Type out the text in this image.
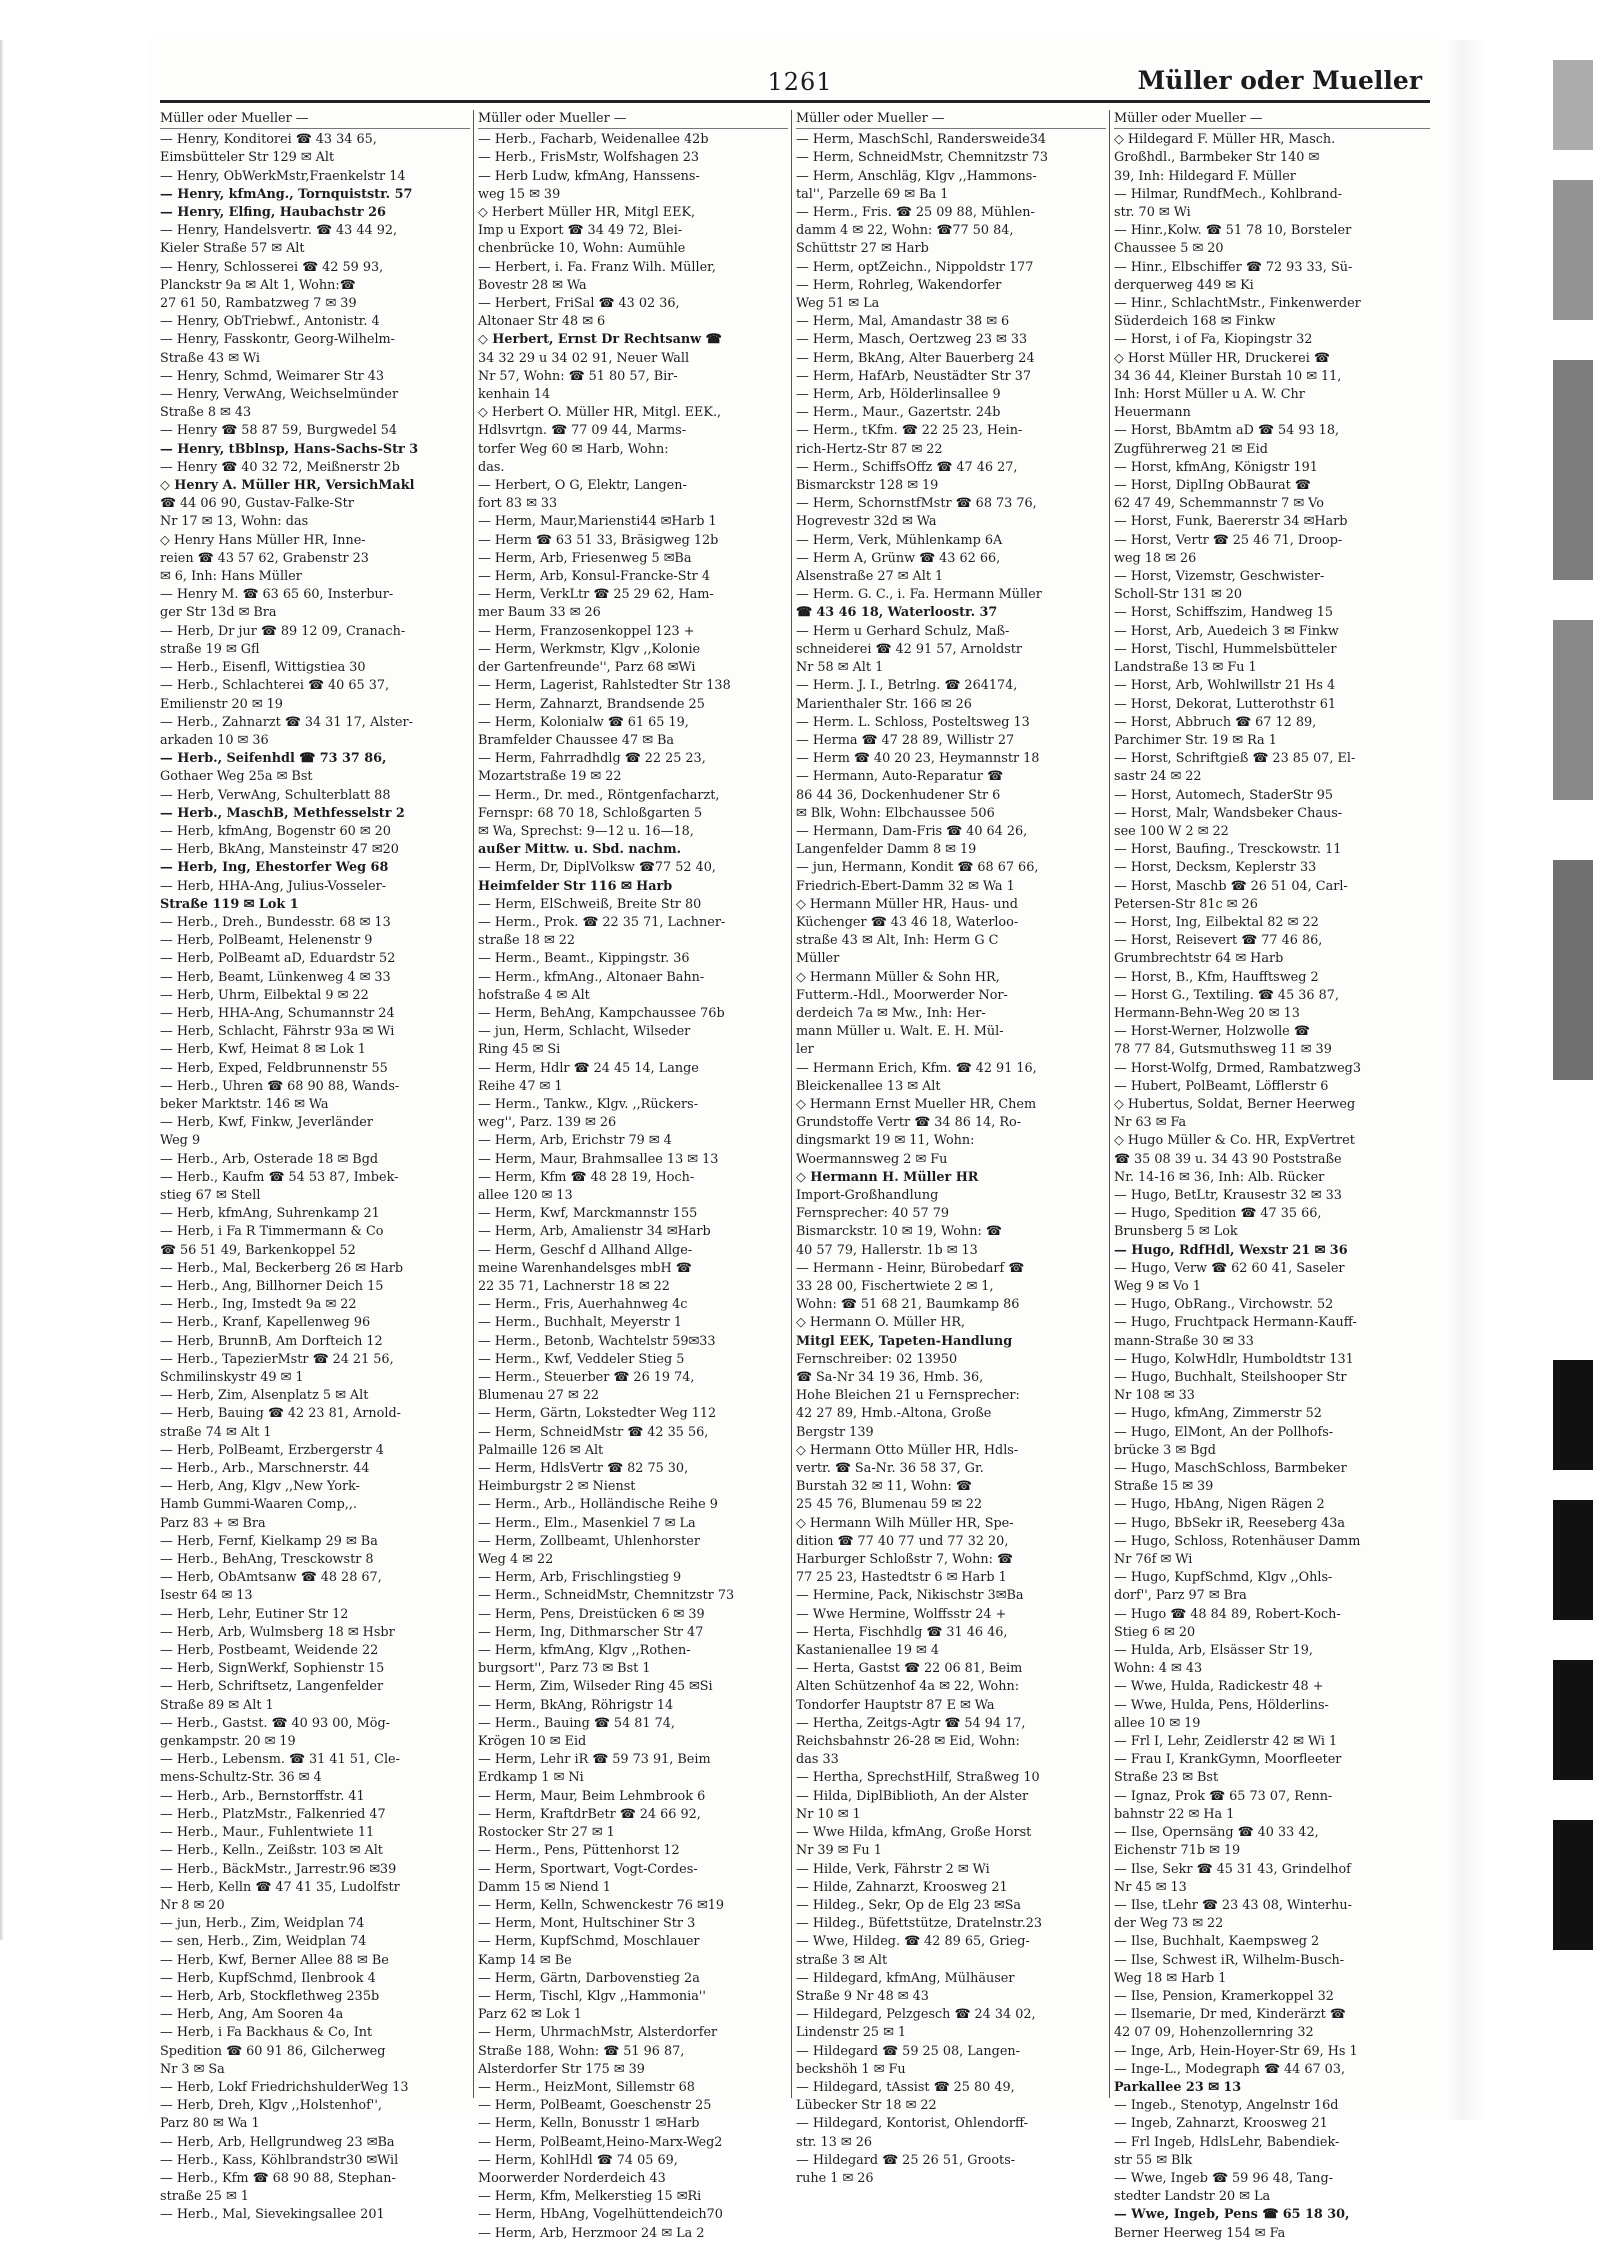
1261	Müller oder Mueller
Müller oder Mueller —
— Henry, Konditorei ☎ 43 34 65,
Eimsbütteler Str 129 ✉ Alt
— Henry, ObWerkMstr,Fraenkelstr 14
— Henry, kfmAng., Tornquiststr. 57
— Henry, Elfing, Haubachstr 26
— Henry, Handelsvertr. ☎ 43 44 92,
Kieler Straße 57 ✉ Alt
— Henry, Schlosserei ☎ 42 59 93,
Planckstr 9a ✉ Alt 1, Wohn:☎
27 61 50, Rambatzweg 7 ✉ 39
— Henry, ObTriebwf., Antonistr. 4
— Henry, Fasskontr, Georg-Wilhelm-
Straße 43 ✉ Wi
— Henry, Schmd, Weimarer Str 43
— Henry, VerwAng, Weichselmünder
Straße 8 ✉ 43
— Henry ☎ 58 87 59, Burgwedel 54
— Henry, tBblnsp, Hans-Sachs-Str 3
— Henry ☎ 40 32 72, Meißnerstr 2b
◇ Henry A. Müller HR, VersichMakl
☎ 44 06 90, Gustav-Falke-Str
Nr 17 ✉ 13, Wohn: das
◇ Henry Hans Müller HR, Inne-
reien ☎ 43 57 62, Grabenstr 23
✉ 6, Inh: Hans Müller
— Henry M. ☎ 63 65 60, Insterbur-
ger Str 13d ✉ Bra
— Herb, Dr jur ☎ 89 12 09, Cranach-
straße 19 ✉ Gfl
— Herb., Eisenfl, Wittigstiea 30
— Herb., Schlachterei ☎ 40 65 37,
Emilienstr 20 ✉ 19
— Herb., Zahnarzt ☎ 34 31 17, Alster-
arkaden 10 ✉ 36
— Herb., Seifenhdl ☎ 73 37 86,
Gothaer Weg 25a ✉ Bst
— Herb, VerwAng, Schulterblatt 88
— Herb., MaschB, Methfesselstr 2
— Herb, kfmAng, Bogenstr 60 ✉ 20
— Herb, BkAng, Mansteinstr 47 ✉20
— Herb, Ing, Ehestorfer Weg 68
— Herb, HHA-Ang, Julius-Vosseler-
Straße 119 ✉ Lok 1
— Herb., Dreh., Bundesstr. 68 ✉ 13
— Herb, PolBeamt, Helenenstr 9
— Herb, PolBeamt aD, Eduardstr 52
— Herb, Beamt, Lünkenweg 4 ✉ 33
— Herb, Uhrm, Eilbektal 9 ✉ 22
— Herb, HHA-Ang, Schumannstr 24
— Herb, Schlacht, Fährstr 93a ✉ Wi
— Herb, Kwf, Heimat 8 ✉ Lok 1
— Herb, Exped, Feldbrunnenstr 55
— Herb., Uhren ☎ 68 90 88, Wands-
beker Marktstr. 146 ✉ Wa
— Herb, Kwf, Finkw, Jeverländer
Weg 9
— Herb., Arb, Osterade 18 ✉ Bgd
— Herb., Kaufm ☎ 54 53 87, Imbek-
stieg 67 ✉ Stell
— Herb, kfmAng, Suhrenkamp 21
— Herb, i Fa R Timmermann & Co
☎ 56 51 49, Barkenkoppel 52
— Herb., Mal, Beckerberg 26 ✉ Harb
— Herb., Ang, Billhorner Deich 15
— Herb., Ing, Imstedt 9a ✉ 22
— Herb., Kranf, Kapellenweg 96
— Herb, BrunnB, Am Dorfteich 12
— Herb., TapezierMstr ☎ 24 21 56,
Schmilinskystr 49 ✉ 1
— Herb, Zim, Alsenplatz 5 ✉ Alt
— Herb, Bauing ☎ 42 23 81, Arnold-
straße 74 ✉ Alt 1
— Herb, PolBeamt, Erzbergerstr 4
— Herb., Arb., Marschnerstr. 44
— Herb, Ang, Klgv ,,New York-
Hamb Gummi-Waaren Comp,,.
Parz 83 + ✉ Bra
— Herb, Fernf, Kielkamp 29 ✉ Ba
— Herb., BehAng, Tresckowstr 8
— Herb, ObAmtsanw ☎ 48 28 67,
Isestr 64 ✉ 13
— Herb, Lehr, Eutiner Str 12
— Herb, Arb, Wulmsberg 18 ✉ Hsbr
— Herb, Postbeamt, Weidende 22
— Herb, SignWerkf, Sophienstr 15
— Herb, Schriftsetz, Langenfelder
Straße 89 ✉ Alt 1
— Herb., Gastst. ☎ 40 93 00, Mög-
genkampstr. 20 ✉ 19
— Herb., Lebensm. ☎ 31 41 51, Cle-
mens-Schultz-Str. 36 ✉ 4
— Herb., Arb., Bernstorffstr. 41
— Herb., PlatzMstr., Falkenried 47
— Herb., Maur., Fuhlentwiete 11
— Herb., Kelln., Zeißstr. 103 ✉ Alt
— Herb., BäckMstr., Jarrestr.96 ✉39
— Herb, Kelln ☎ 47 41 35, Ludolfstr
Nr 8 ✉ 20
— jun, Herb., Zim, Weidplan 74
— sen, Herb., Zim, Weidplan 74
— Herb, Kwf, Berner Allee 88 ✉ Be
— Herb, KupfSchmd, Ilenbrook 4
— Herb, Arb, Stockflethweg 235b
— Herb, Ang, Am Sooren 4a
— Herb, i Fa Backhaus & Co, Int
Spedition ☎ 60 91 86, Gilcherweg
Nr 3 ✉ Sa
— Herb, Lokf FriedrichshulderWeg 13
— Herb, Dreh, Klgv ,,Holstenhof'',
Parz 80 ✉ Wa 1
— Herb, Arb, Hellgrundweg 23 ✉Ba
— Herb., Kass, Köhlbrandstr30 ✉Wil
— Herb., Kfm ☎ 68 90 88, Stephan-
straße 25 ✉ 1
— Herb., Mal, Sievekingsallee 201
Müller oder Mueller —
— Herb., Facharb, Weidenallee 42b
— Herb., FrisMstr, Wolfshagen 23
— Herb Ludw, kfmAng, Hanssens-
weg 15 ✉ 39
◇ Herbert Müller HR, Mitgl EEK,
Imp u Export ☎ 34 49 72, Blei-
chenbrücke 10, Wohn: Aumühle
— Herbert, i. Fa. Franz Wilh. Müller,
Bovestr 28 ✉ Wa
— Herbert, FriSal ☎ 43 02 36,
Altonaer Str 48 ✉ 6
◇ Herbert, Ernst Dr Rechtsanw ☎
34 32 29 u 34 02 91, Neuer Wall
Nr 57, Wohn: ☎ 51 80 57, Bir-
kenhain 14
◇ Herbert O. Müller HR, Mitgl. EEK.,
Hdlsvrtgn. ☎ 77 09 44, Marms-
torfer Weg 60 ✉ Harb, Wohn:
das.
— Herbert, O G, Elektr, Langen-
fort 83 ✉ 33
— Herm, Maur,Mariensti44 ✉Harb 1
— Herm ☎ 63 51 33, Bräsigweg 12b
— Herm, Arb, Friesenweg 5 ✉Ba
— Herm, Arb, Konsul-Francke-Str 4
— Herm, VerkLtr ☎ 25 29 62, Ham-
mer Baum 33 ✉ 26
— Herm, Franzosenkoppel 123 +
— Herm, Werkmstr, Klgv ,,Kolonie
der Gartenfreunde'', Parz 68 ✉Wi
— Herm, Lagerist, Rahlstedter Str 138
— Herm, Zahnarzt, Brandsende 25
— Herm, Kolonialw ☎ 61 65 19,
Bramfelder Chaussee 47 ✉ Ba
— Herm, Fahrradhdlg ☎ 22 25 23,
Mozartstraße 19 ✉ 22
— Herm., Dr. med., Röntgenfacharzt,
Fernspr: 68 70 18, Schloßgarten 5
✉ Wa, Sprechst: 9—12 u. 16—18,
außer Mittw. u. Sbd. nachm.
— Herm, Dr, DiplVolksw ☎77 52 40,
Heimfelder Str 116 ✉ Harb
— Herm, ElSchweiß, Breite Str 80
— Herm., Prok. ☎ 22 35 71, Lachner-
straße 18 ✉ 22
— Herm., Beamt., Kippingstr. 36
— Herm., kfmAng., Altonaer Bahn-
hofstraße 4 ✉ Alt
— Herm, BehAng, Kampchaussee 76b
— jun, Herm, Schlacht, Wilseder
Ring 45 ✉ Si
— Herm, Hdlr ☎ 24 45 14, Lange
Reihe 47 ✉ 1
— Herm., Tankw., Klgv. ,,Rückers-
weg'', Parz. 139 ✉ 26
— Herm, Arb, Erichstr 79 ✉ 4
— Herm, Maur, Brahmsallee 13 ✉ 13
— Herm, Kfm ☎ 48 28 19, Hoch-
allee 120 ✉ 13
— Herm, Kwf, Marckmannstr 155
— Herm, Arb, Amalienstr 34 ✉Harb
— Herm, Geschf d Allhand Allge-
meine Warenhandelsges mbH ☎
22 35 71, Lachnerstr 18 ✉ 22
— Herm., Fris, Auerhahnweg 4c
— Herm., Buchhalt, Meyerstr 1
— Herm., Betonb, Wachtelstr 59✉33
— Herm., Kwf, Veddeler Stieg 5
— Herm., Steuerber ☎ 26 19 74,
Blumenau 27 ✉ 22
— Herm, Gärtn, Lokstedter Weg 112
— Herm, SchneidMstr ☎ 42 35 56,
Palmaille 126 ✉ Alt
— Herm, HdlsVertr ☎ 82 75 30,
Heimburgstr 2 ✉ Nienst
— Herm., Arb., Holländische Reihe 9
— Herm., Elm., Masenkiel 7 ✉ La
— Herm, Zollbeamt, Uhlenhorster
Weg 4 ✉ 22
— Herm, Arb, Frischlingstieg 9
— Herm., SchneidMstr, Chemnitzstr 73
— Herm, Pens, Dreistücken 6 ✉ 39
— Herm, Ing, Dithmarscher Str 47
— Herm, kfmAng, Klgv ,,Rothen-
burgsort'', Parz 73 ✉ Bst 1
— Herm, Zim, Wilseder Ring 45 ✉Si
— Herm, BkAng, Röhrigstr 14
— Herm., Bauing ☎ 54 81 74,
Krögen 10 ✉ Eid
— Herm, Lehr iR ☎ 59 73 91, Beim
Erdkamp 1 ✉ Ni
— Herm, Maur, Beim Lehmbrook 6
— Herm, KraftdrBetr ☎ 24 66 92,
Rostocker Str 27 ✉ 1
— Herm., Pens, Püttenhorst 12
— Herm, Sportwart, Vogt-Cordes-
Damm 15 ✉ Niend 1
— Herm, Kelln, Schwenckestr 76 ✉19
— Herm, Mont, Hultschiner Str 3
— Herm, KupfSchmd, Moschlauer
Kamp 14 ✉ Be
— Herm, Gärtn, Darbovenstieg 2a
— Herm, Tischl, Klgv ,,Hammonia''
Parz 62 ✉ Lok 1
— Herm, UhrmachMstr, Alsterdorfer
Straße 188, Wohn: ☎ 51 96 87,
Alsterdorfer Str 175 ✉ 39
— Herm., HeizMont, Sillemstr 68
— Herm, PolBeamt, Goeschenstr 25
— Herm, Kelln, Bonusstr 1 ✉Harb
— Herm, PolBeamt,Heino-Marx-Weg2
— Herm, KohlHdl ☎ 74 05 69,
Moorwerder Norderdeich 43
— Herm, Kfm, Melkerstieg 15 ✉Ri
— Herm, HbAng, Vogelhüttendeich70
— Herm, Arb, Herzmoor 24 ✉ La 2
Müller oder Mueller —
— Herm, MaschSchl, Randersweide34
— Herm, SchneidMstr, Chemnitzstr 73
— Herm, Anschläg, Klgv ,,Hammons-
tal'', Parzelle 69 ✉ Ba 1
— Herm., Fris. ☎ 25 09 88, Mühlen-
damm 4 ✉ 22, Wohn: ☎77 50 84,
Schüttstr 27 ✉ Harb
— Herm, optZeichn., Nippoldstr 177
— Herm, Rohrleg, Wakendorfer
Weg 51 ✉ La
— Herm, Mal, Amandastr 38 ✉ 6
— Herm, Masch, Oertzweg 23 ✉ 33
— Herm, BkAng, Alter Bauerberg 24
— Herm, HafArb, Neustädter Str 37
— Herm, Arb, Hölderlinsallee 9
— Herm., Maur., Gazertstr. 24b
— Herm., tKfm. ☎ 22 25 23, Hein-
rich-Hertz-Str 87 ✉ 22
— Herm., SchiffsOffz ☎ 47 46 27,
Bismarckstr 128 ✉ 19
— Herm, SchornstfMstr ☎ 68 73 76,
Hogrevestr 32d ✉ Wa
— Herm, Verk, Mühlenkamp 6A
— Herm A, Grünw ☎ 43 62 66,
Alsenstraße 27 ✉ Alt 1
— Herm. G. C., i. Fa. Hermann Müller
☎ 43 46 18, Waterloostr. 37
— Herm u Gerhard Schulz, Maß-
schneiderei ☎ 42 91 57, Arnoldstr
Nr 58 ✉ Alt 1
— Herm. J. I., Betrlng. ☎ 264174,
Marienthaler Str. 166 ✉ 26
— Herm. L. Schloss, Posteltsweg 13
— Herma ☎ 47 28 89, Willistr 27
— Herm ☎ 40 20 23, Heymannstr 18
— Hermann, Auto-Reparatur ☎
86 44 36, Dockenhudener Str 6
✉ Blk, Wohn: Elbchaussee 506
— Hermann, Dam-Fris ☎ 40 64 26,
Langenfelder Damm 8 ✉ 19
— jun, Hermann, Kondit ☎ 68 67 66,
Friedrich-Ebert-Damm 32 ✉ Wa 1
◇ Hermann Müller HR, Haus- und
Küchenger ☎ 43 46 18, Waterloo-
straße 43 ✉ Alt, Inh: Herm G C
Müller
◇ Hermann Müller & Sohn HR,
Futterm.-Hdl., Moorwerder Nor-
derdeich 7a ✉ Mw., Inh: Her-
mann Müller u. Walt. E. H. Mül-
ler
— Hermann Erich, Kfm. ☎ 42 91 16,
Bleickenallee 13 ✉ Alt
◇ Hermann Ernst Mueller HR, Chem
Grundstoffe Vertr ☎ 34 86 14, Ro-
dingsmarkt 19 ✉ 11, Wohn:
Woermannsweg 2 ✉ Fu
◇ Hermann H. Müller HR
Import-Großhandlung
Fernsprecher: 40 57 79
Bismarckstr. 10 ✉ 19, Wohn: ☎
40 57 79, Hallerstr. 1b ✉ 13
— Hermann - Heinr, Bürobedarf ☎
33 28 00, Fischertwiete 2 ✉ 1,
Wohn: ☎ 51 68 21, Baumkamp 86
◇ Hermann O. Müller HR,
Mitgl EEK, Tapeten-Handlung
Fernschreiber: 02 13950
☎ Sa-Nr 34 19 36, Hmb. 36,
Hohe Bleichen 21 u Fernsprecher:
42 27 89, Hmb.-Altona, Große
Bergstr 139
◇ Hermann Otto Müller HR, Hdls-
vertr. ☎ Sa-Nr. 36 58 37, Gr.
Burstah 32 ✉ 11, Wohn: ☎
25 45 76, Blumenau 59 ✉ 22
◇ Hermann Wilh Müller HR, Spe-
dition ☎ 77 40 77 und 77 32 20,
Harburger Schloßstr 7, Wohn: ☎
77 25 23, Hastedtstr 6 ✉ Harb 1
— Hermine, Pack, Nikischstr 3✉Ba
— Wwe Hermine, Wolffsstr 24 +
— Herta, Fischhdlg ☎ 31 46 46,
Kastanienallee 19 ✉ 4
— Herta, Gastst ☎ 22 06 81, Beim
Alten Schützenhof 4a ✉ 22, Wohn:
Tondorfer Hauptstr 87 E ✉ Wa
— Hertha, Zeitgs-Agtr ☎ 54 94 17,
Reichsbahnstr 26-28 ✉ Eid, Wohn:
das 33
— Hertha, SprechstHilf, Straßweg 10
— Hilda, DiplBiblioth, An der Alster
Nr 10 ✉ 1
— Wwe Hilda, kfmAng, Große Horst
Nr 39 ✉ Fu 1
— Hilde, Verk, Fährstr 2 ✉ Wi
— Hilde, Zahnarzt, Kroosweg 21
— Hildeg., Sekr, Op de Elg 23 ✉Sa
— Hildeg., Büfettstütze, Dratelnstr.23
— Wwe, Hildeg. ☎ 42 89 65, Grieg-
straße 3 ✉ Alt
— Hildegard, kfmAng, Mülhäuser
Straße 9 Nr 48 ✉ 43
— Hildegard, Pelzgesch ☎ 24 34 02,
Lindenstr 25 ✉ 1
— Hildegard ☎ 59 25 08, Langen-
beckshöh 1 ✉ Fu
— Hildegard, tAssist ☎ 25 80 49,
Lübecker Str 18 ✉ 22
— Hildegard, Kontorist, Ohlendorff-
str. 13 ✉ 26
— Hildegard ☎ 25 26 51, Groots-
ruhe 1 ✉ 26
Müller oder Mueller —
◇ Hildegard F. Müller HR, Masch.
Großhdl., Barmbeker Str 140 ✉
39, Inh: Hildegard F. Müller
— Hilmar, RundfMech., Kohlbrand-
str. 70 ✉ Wi
— Hinr.,Kolw. ☎ 51 78 10, Borsteler
Chaussee 5 ✉ 20
— Hinr., Elbschiffer ☎ 72 93 33, Sü-
derquerweg 449 ✉ Ki
— Hinr., SchlachtMstr., Finkenwerder
Süderdeich 168 ✉ Finkw
— Horst, i of Fa, Kiopingstr 32
◇ Horst Müller HR, Druckerei ☎
34 36 44, Kleiner Burstah 10 ✉ 11,
Inh: Horst Müller u A. W. Chr
Heuermann
— Horst, BbAmtm aD ☎ 54 93 18,
Zugführerweg 21 ✉ Eid
— Horst, kfmAng, Königstr 191
— Horst, DiplIng ObBaurat ☎
62 47 49, Schemmannstr 7 ✉ Vo
— Horst, Funk, Baererstr 34 ✉Harb
— Horst, Vertr ☎ 25 46 71, Droop-
weg 18 ✉ 26
— Horst, Vizemstr, Geschwister-
Scholl-Str 131 ✉ 20
— Horst, Schiffszim, Handweg 15
— Horst, Arb, Auedeich 3 ✉ Finkw
— Horst, Tischl, Hummelsbütteler
Landstraße 13 ✉ Fu 1
— Horst, Arb, Wohlwillstr 21 Hs 4
— Horst, Dekorat, Lutterothstr 61
— Horst, Abbruch ☎ 67 12 89,
Parchimer Str. 19 ✉ Ra 1
— Horst, Schriftgieß ☎ 23 85 07, El-
sastr 24 ✉ 22
— Horst, Automech, StaderStr 95
— Horst, Malr, Wandsbeker Chaus-
see 100 W 2 ✉ 22
— Horst, Baufing., Tresckowstr. 11
— Horst, Decksm, Keplerstr 33
— Horst, Maschb ☎ 26 51 04, Carl-
Petersen-Str 81c ✉ 26
— Horst, Ing, Eilbektal 82 ✉ 22
— Horst, Reisevert ☎ 77 46 86,
Grumbrechtstr 64 ✉ Harb
— Horst, B., Kfm, Haufftsweg 2
— Horst G., Textiling. ☎ 45 36 87,
Hermann-Behn-Weg 20 ✉ 13
— Horst-Werner, Holzwolle ☎
78 77 84, Gutsmuthsweg 11 ✉ 39
— Horst-Wolfg, Drmed, Rambatzweg3
— Hubert, PolBeamt, Löfflerstr 6
◇ Hubertus, Soldat, Berner Heerweg
Nr 63 ✉ Fa
◇ Hugo Müller & Co. HR, ExpVertret
☎ 35 08 39 u. 34 43 90 Poststraße
Nr. 14-16 ✉ 36, Inh: Alb. Rücker
— Hugo, BetLtr, Krausestr 32 ✉ 33
— Hugo, Spedition ☎ 47 35 66,
Brunsberg 5 ✉ Lok
— Hugo, RdfHdl, Wexstr 21 ✉ 36
— Hugo, Verw ☎ 62 60 41, Saseler
Weg 9 ✉ Vo 1
— Hugo, ObRang., Virchowstr. 52
— Hugo, Fruchtpack Hermann-Kauff-
mann-Straße 30 ✉ 33
— Hugo, KolwHdlr, Humboldtstr 131
— Hugo, Buchhalt, Steilshooper Str
Nr 108 ✉ 33
— Hugo, kfmAng, Zimmerstr 52
— Hugo, ElMont, An der Pollhofs-
brücke 3 ✉ Bgd
— Hugo, MaschSchloss, Barmbeker
Straße 15 ✉ 39
— Hugo, HbAng, Nigen Rägen 2
— Hugo, BbSekr iR, Reeseberg 43a
— Hugo, Schloss, Rotenhäuser Damm
Nr 76f ✉ Wi
— Hugo, KupfSchmd, Klgv ,,Ohls-
dorf'', Parz 97 ✉ Bra
— Hugo ☎ 48 84 89, Robert-Koch-
Stieg 6 ✉ 20
— Hulda, Arb, Elsässer Str 19,
Wohn: 4 ✉ 43
— Wwe, Hulda, Radickestr 48 +
— Wwe, Hulda, Pens, Hölderlins-
allee 10 ✉ 19
— Frl I, Lehr, Zeidlerstr 42 ✉ Wi 1
— Frau I, KrankGymn, Moorfleeter
Straße 23 ✉ Bst
— Ignaz, Prok ☎ 65 73 07, Renn-
bahnstr 22 ✉ Ha 1
— Ilse, Opernsäng ☎ 40 33 42,
Eichenstr 71b ✉ 19
— Ilse, Sekr ☎ 45 31 43, Grindelhof
Nr 45 ✉ 13
— Ilse, tLehr ☎ 23 43 08, Winterhu-
der Weg 73 ✉ 22
— Ilse, Buchhalt, Kaempsweg 2
— Ilse, Schwest iR, Wilhelm-Busch-
Weg 18 ✉ Harb 1
— Ilse, Pension, Kramerkoppel 32
— Ilsemarie, Dr med, Kinderärzt ☎
42 07 09, Hohenzollernring 32
— Inge, Arb, Hein-Hoyer-Str 69, Hs 1
— Inge-L., Modegraph ☎ 44 67 03,
Parkallee 23 ✉ 13
— Ingeb., Stenotyp, Angelnstr 16d
— Ingeb, Zahnarzt, Kroosweg 21
— Frl Ingeb, HdlsLehr, Babendiek-
str 55 ✉ Blk
— Wwe, Ingeb ☎ 59 96 48, Tang-
stedter Landstr 20 ✉ La
— Wwe, Ingeb, Pens ☎ 65 18 30,
Berner Heerweg 154 ✉ Fa
